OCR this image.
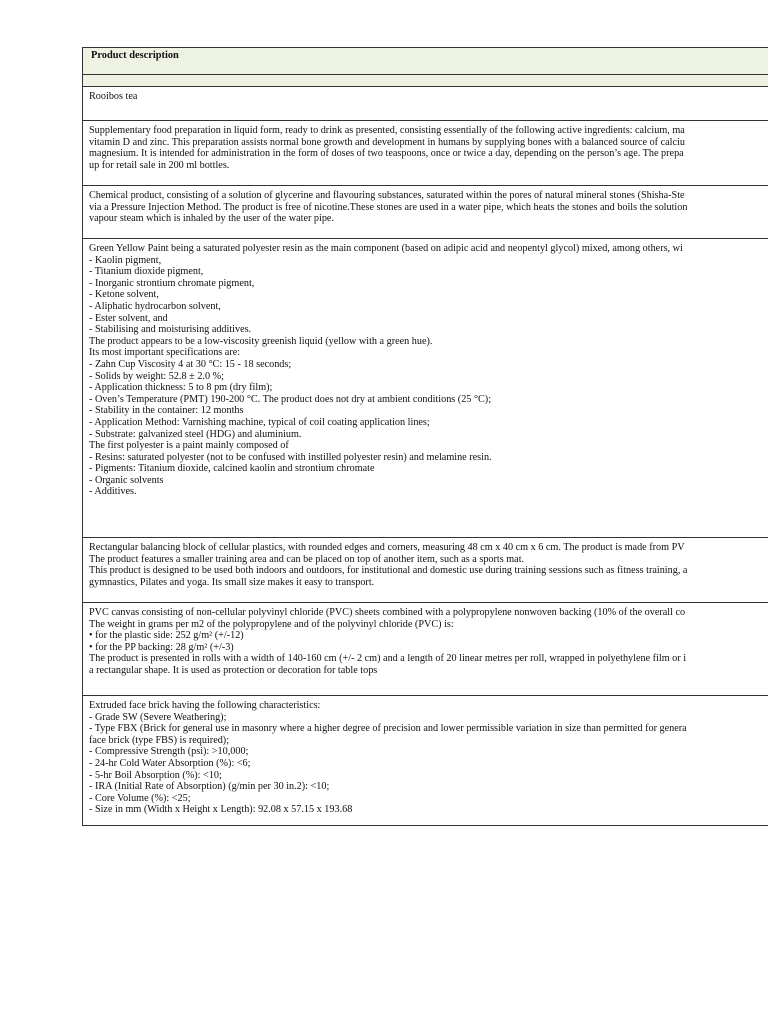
Product description
Rooibos tea
Supplementary food preparation in liquid form, ready to drink as presented, consisting essentially of the following active ingredients: calcium, ma
vitamin D and zinc. This preparation assists normal bone growth and development in humans by supplying bones with a balanced source of calciu
magnesium. It is intended for administration in the form of doses of two teaspoons, once or twice a day, depending on the person’s age. The prepa
up for retail sale in 200 ml bottles.
Chemical product, consisting of a solution of glycerine and flavouring substances, saturated within the pores of natural mineral stones (Shisha-Ste
via a Pressure Injection Method. The product is free of nicotine.These stones are used in a water pipe, which heats the stones and boils the solution
vapour steam which is inhaled by the user of the water pipe.
Green Yellow Paint being a saturated polyester resin as the main component (based on adipic acid and neopentyl glycol) mixed, among others, wi
- Kaolin pigment,
- Titanium dioxide pigment,
- Inorganic strontium chromate pigment,
- Ketone solvent,
- Aliphatic hydrocarbon solvent,
- Ester solvent, and
- Stabilising and moisturising additives.
The product appears to be a low-viscosity greenish liquid (yellow with a green hue).
Its most important specifications are:
- Zahn Cup Viscosity 4 at 30 °C: 15 - 18 seconds;
- Solids by weight: 52.8 ± 2.0 %;
- Application thickness: 5 to 8 pm (dry film);
- Oven’s Temperature (PMT) 190-200 °C. The product does not dry at ambient conditions (25 °C);
- Stability in the container: 12 months
- Application Method: Varnishing machine, typical of coil coating application lines;
- Substrate: galvanized steel (HDG) and aluminium.
The first polyester is a paint mainly composed of
- Resins: saturated polyester (not to be confused with instilled polyester resin) and melamine resin.
- Pigments: Titanium dioxide, calcined kaolin and strontium chromate
- Organic solvents
- Additives.
Rectangular balancing block of cellular plastics, with rounded edges and corners, measuring 48 cm x 40 cm x 6 cm. The product is made from PV
The product features a smaller training area and can be placed on top of another item, such as a sports mat.
This product is designed to be used both indoors and outdoors, for institutional and domestic use during training sessions such as fitness training, a
gymnastics, Pilates and yoga. Its small size makes it easy to transport.
PVC canvas consisting of non-cellular polyvinyl chloride (PVC) sheets combined with a polypropylene nonwoven backing (10% of the overall co
The weight in grams per m2 of the polypropylene and of the polyvinyl chloride (PVC) is:
• for the plastic side: 252 g/m² (+/-12)
• for the PP backing: 28 g/m² (+/-3)
The product is presented in rolls with a width of 140-160 cm (+/- 2 cm) and a length of 20 linear metres per roll, wrapped in polyethylene film or i
a rectangular shape. It is used as protection or decoration for table tops
Extruded face brick having the following characteristics:
- Grade SW (Severe Weathering);
- Type FBX (Brick for general use in masonry where a higher degree of precision and lower permissible variation in size than permitted for genera
face brick (type FBS) is required);
- Compressive Strength (psi): >10,000;
- 24-hr Cold Water Absorption (%): <6;
- 5-hr Boil Absorption (%): <10;
- IRA (Initial Rate of Absorption) (g/min per 30 in.2): <10;
- Core Volume (%): <25;
- Size in mm (Width x Height x Length): 92.08 x 57.15 x 193.68
